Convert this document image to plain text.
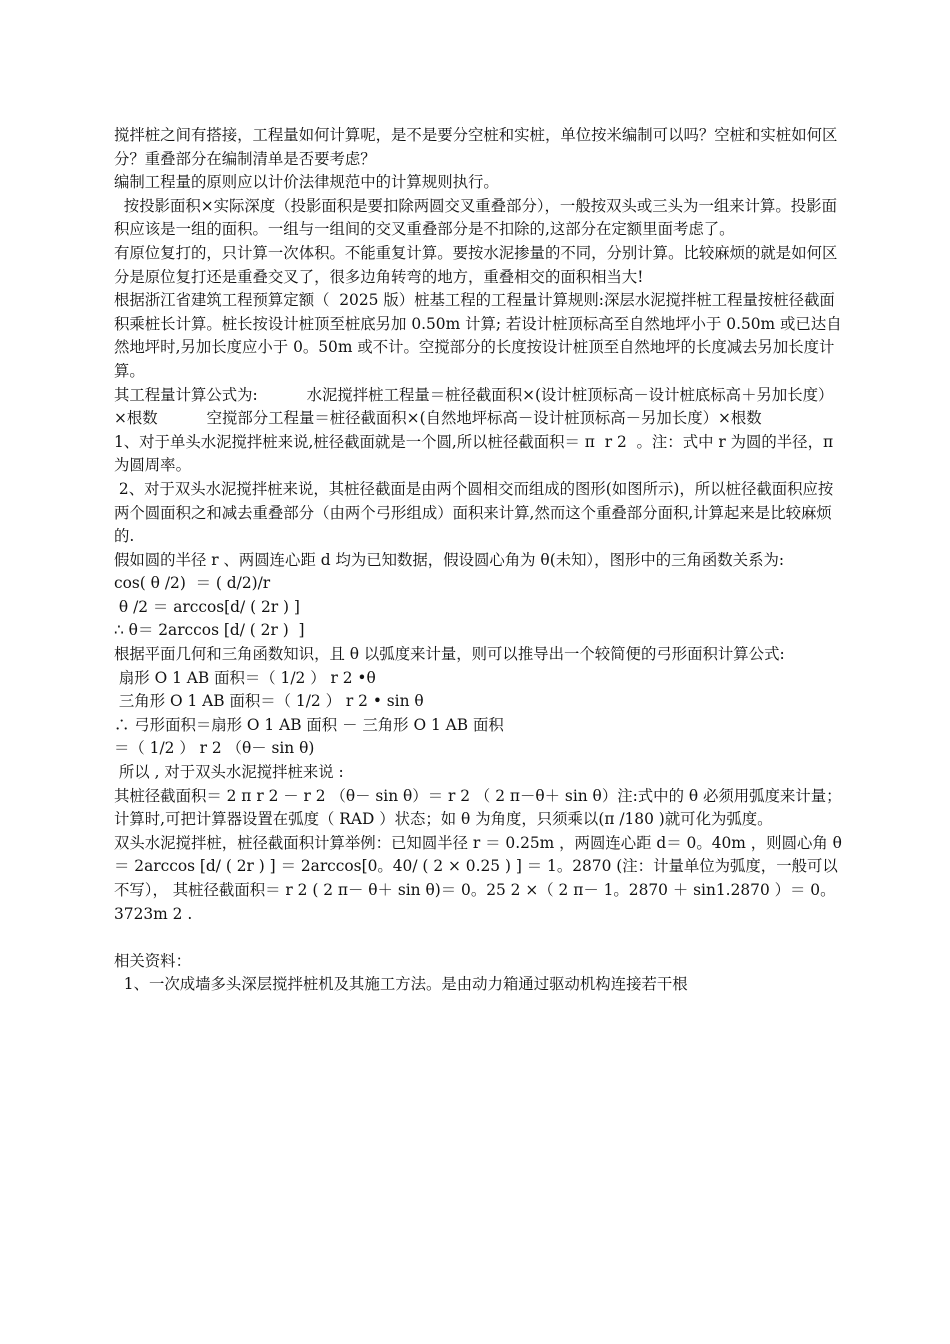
搅拌桩之间有搭接，工程量如何计算呢，是不是要分空桩和实桩，单位按米编制可以吗？空桩和实桩如何区分？重叠部分在编制清单是否要考虑？

编制工程量的原则应以计价法律规范中的计算规则执行。

按投影面积×实际深度（投影面积是要扣除两圆交叉重叠部分），一般按双头或三头为一组来计算。投影面积应该是一组的面积。一组与一组间的交叉重叠部分是不扣除的,这部分在定额里面考虑了。

有原位复打的，只计算一次体积。不能重复计算。要按水泥掺量的不同，分别计算。比较麻烦的就是如何区分是原位复打还是重叠交叉了，很多边角转弯的地方，重叠相交的面积相当大!

根据浙江省建筑工程预算定额（  2025 版）桩基工程的工程量计算规则:深层水泥搅拌桩工程量按桩径截面积乘桩长计算。桩长按设计桩顶至桩底另加 0.50m 计算; 若设计桩顶标高至自然地坪小于 0.50m 或已达自然地坪时,另加长度应小于 0。50m 或不计。空搅部分的长度按设计桩顶至自然地坪的长度减去另加长度计算。

其工程量计算公式为:          水泥搅拌桩工程量＝桩径截面积×(设计桩顶标高－设计桩底标高＋另加长度）×根数          空搅部分工程量＝桩径截面积×(自然地坪标高－设计桩顶标高－另加长度）×根数

1、对于单头水泥搅拌桩来说,桩径截面就是一个圆,所以桩径截面积＝ π  r 2  。注：式中 r 为圆的半径，π 为圆周率。

2、对于双头水泥搅拌桩来说，其桩径截面是由两个圆相交而组成的图形(如图所示)，所以桩径截面积应按两个圆面积之和减去重叠部分（由两个弓形组成）面积来计算,然而这个重叠部分面积,计算起来是比较麻烦的.

假如圆的半径 r 、两圆连心距 d 均为已知数据，假设圆心角为 θ(未知），图形中的三角函数关系为:

cos( θ /2)  ＝ ( d/2)/r

θ /2 ＝ arccos[d/ ( 2r ) ]

∴ θ＝ 2arccos [d/ ( 2r )  ]

根据平面几何和三角函数知识，且 θ 以弧度来计量，则可以推导出一个较简便的弓形面积计算公式:

扇形 O 1 AB 面积＝（ 1/2 ） r 2 •θ

三角形 O 1 AB 面积＝（ 1/2 ） r 2 • sin θ

∴ 弓形面积＝扇形 O 1 AB 面积 － 三角形 O 1 AB 面积

＝（ 1/2 ） r 2 （θ－ sin θ)

所以 , 对于双头水泥搅拌桩来说 :

其桩径截面积＝ 2 π r 2 － r 2 （θ－ sin θ）＝ r 2 （ 2 π－θ＋ sin θ）注:式中的 θ 必须用弧度来计量；计算时,可把计算器设置在弧度（ RAD ）状态；如 θ 为角度，只须乘以(π /180 )就可化为弧度。

双头水泥搅拌桩，桩径截面积计算举例：已知圆半径 r ＝ 0.25m ，两圆连心距 d＝ 0。40m ，则圆心角 θ ＝ 2arccos [d/ ( 2r ) ] ＝ 2arccos[0。40/ ( 2 × 0.25 ) ] ＝ 1。2870 (注：计量单位为弧度，一般可以不写）， 其桩径截面积＝ r 2 ( 2 π－ θ＋ sin θ)＝ 0。25 2 ×（ 2 π－ 1。2870 ＋ sin1.2870 ）＝ 0。3723m 2 .

相关资料：

1、一次成墙多头深层搅拌桩机及其施工方法。是由动力箱通过驱动机构连接若干根
